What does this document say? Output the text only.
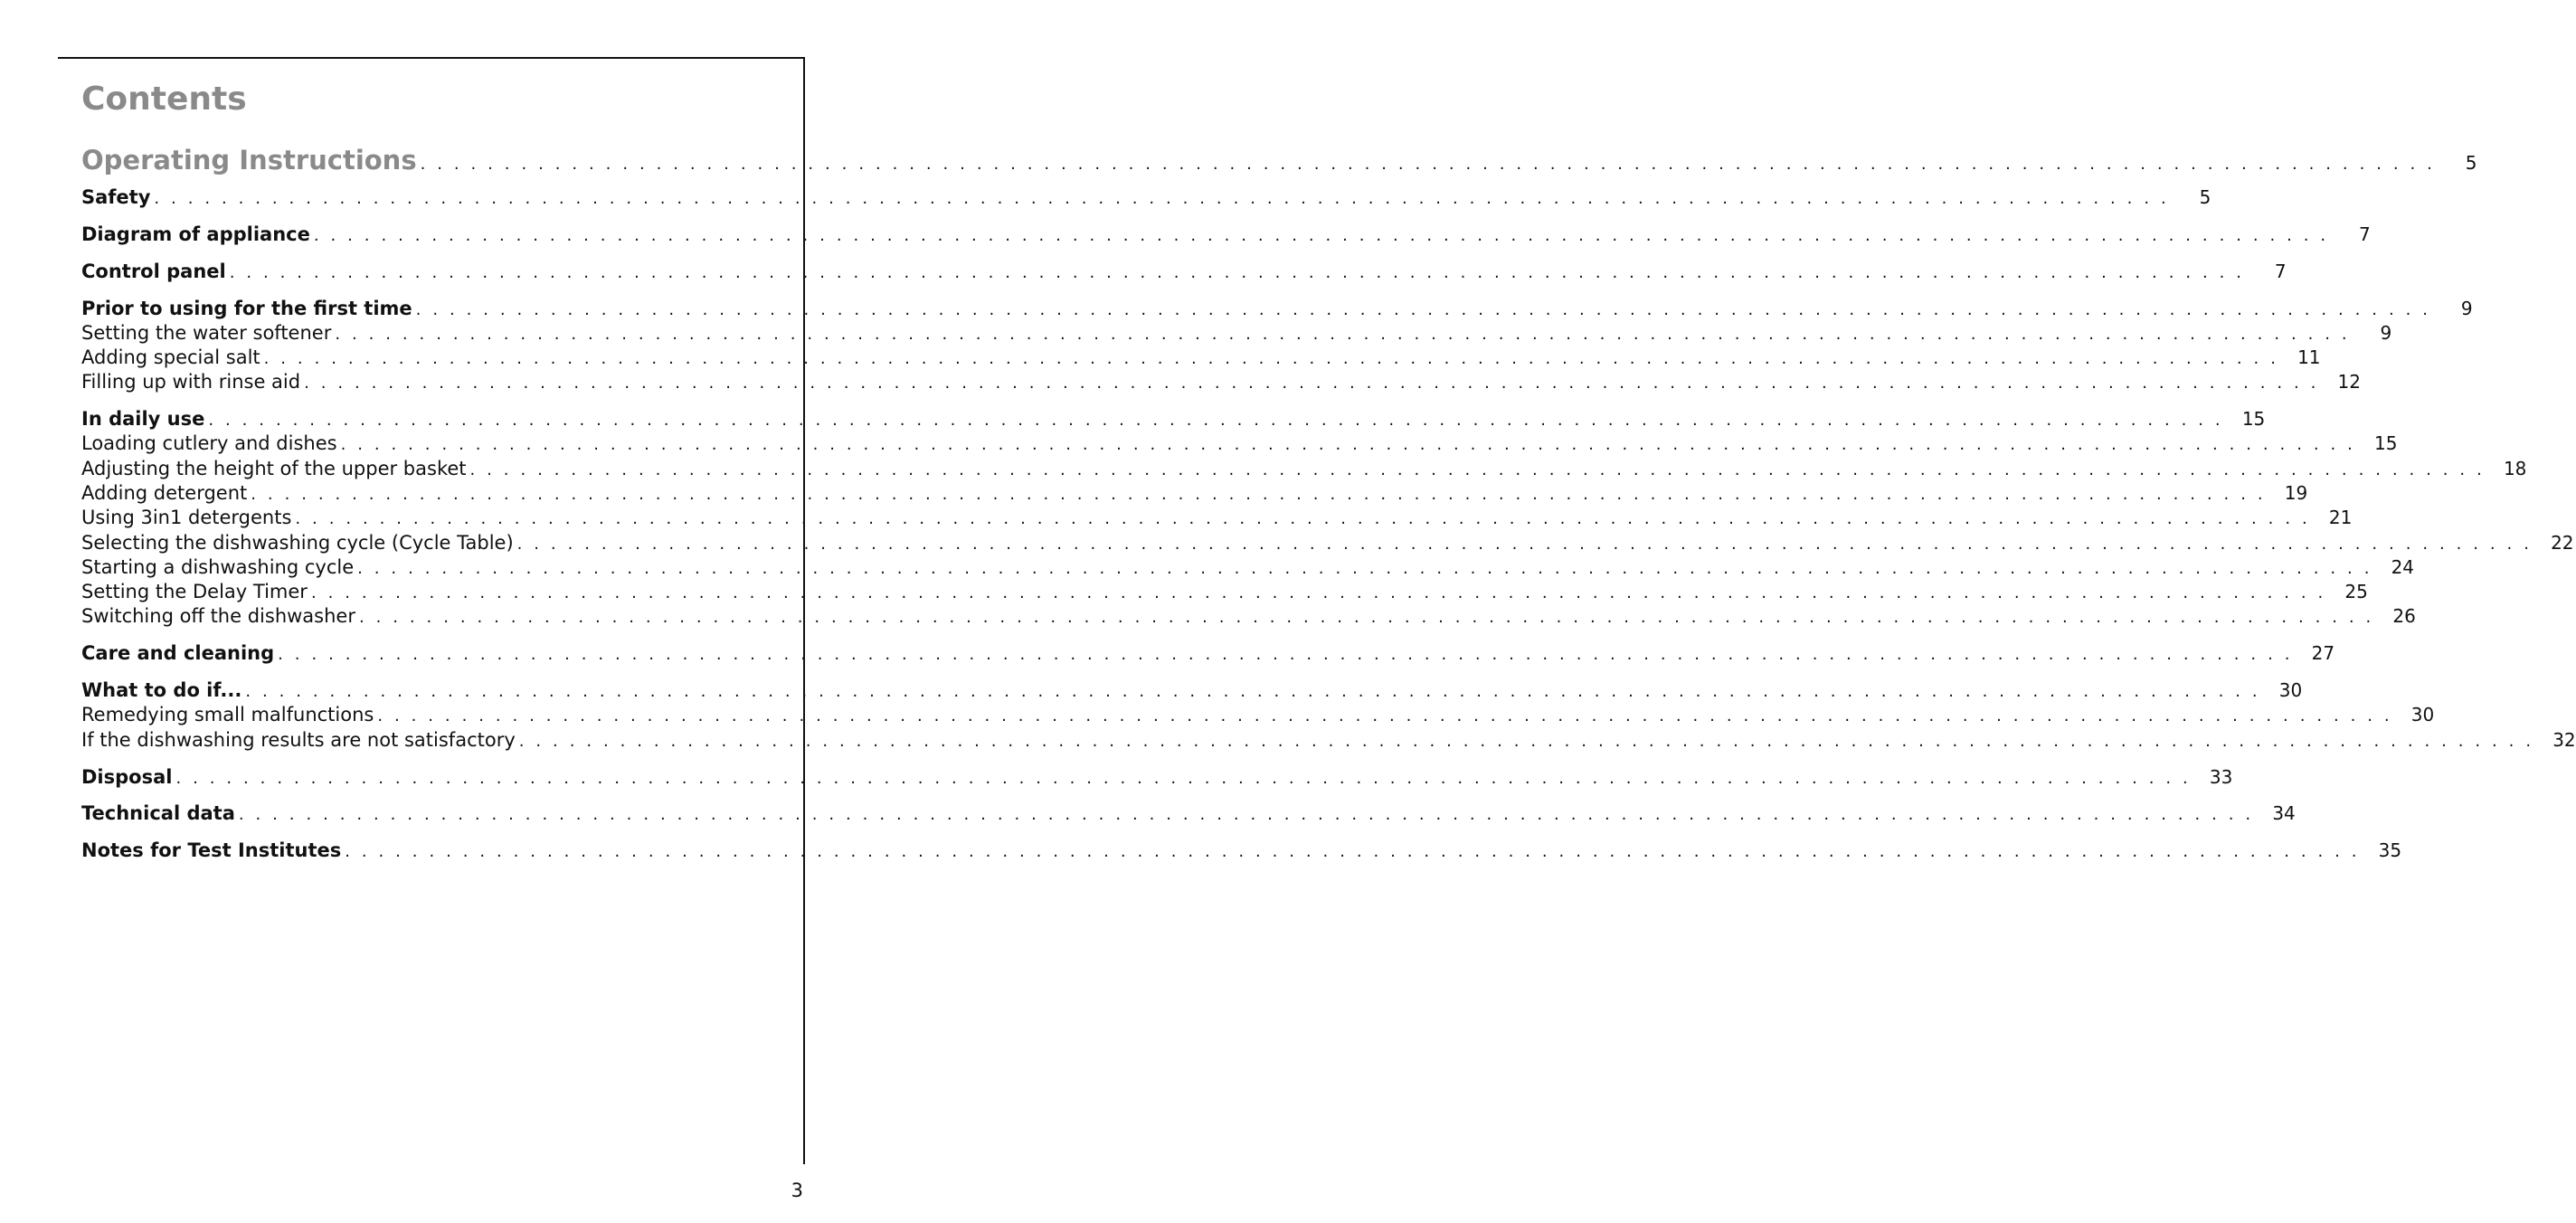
Contents
Operating Instructions . . . . . . . . . . . . . . . . . . . . . . . . . . . . . . . . . . . . . . . . . . . . . . . . . . . . . . . . . . . . . . . . . . . . . . . . . . . . . . . . . . . . . . . . . . . . . . . . . . . . . . . . . . . . . . . . . . . . . . . .	5
Safety . . . . . . . . . . . . . . . . . . . . . . . . . . . . . . . . . . . . . . . . . . . . . . . . . . . . . . . . . . . . . . . . . . . . . . . . . . . . . . . . . . . . . . . . . . . . . . . . . . . . . . . . . . . . . . . . . . . . . . . .	5
Diagram of appliance . . . . . . . . . . . . . . . . . . . . . . . . . . . . . . . . . . . . . . . . . . . . . . . . . . . . . . . . . . . . . . . . . . . . . . . . . . . . . . . . . . . . . . . . . . . . . . . . . . . . . . . . . . . . . . . . . . . . . . . .	7
Control panel . . . . . . . . . . . . . . . . . . . . . . . . . . . . . . . . . . . . . . . . . . . . . . . . . . . . . . . . . . . . . . . . . . . . . . . . . . . . . . . . . . . . . . . . . . . . . . . . . . . . . . . . . . . . . . . . . . . . . . . .	7
Prior to using for the first time . . . . . . . . . . . . . . . . . . . . . . . . . . . . . . . . . . . . . . . . . . . . . . . . . . . . . . . . . . . . . . . . . . . . . . . . . . . . . . . . . . . . . . . . . . . . . . . . . . . . . . . . . . . . . . . . . . . . . . . .	9
Setting the water softener . . . . . . . . . . . . . . . . . . . . . . . . . . . . . . . . . . . . . . . . . . . . . . . . . . . . . . . . . . . . . . . . . . . . . . . . . . . . . . . . . . . . . . . . . . . . . . . . . . . . . . . . . . . . . . . . . . . . . . . .	9
Adding special salt . . . . . . . . . . . . . . . . . . . . . . . . . . . . . . . . . . . . . . . . . . . . . . . . . . . . . . . . . . . . . . . . . . . . . . . . . . . . . . . . . . . . . . . . . . . . . . . . . . . . . . . . . . . . . . . . . . . . . . . . 11
Filling up with rinse aid . . . . . . . . . . . . . . . . . . . . . . . . . . . . . . . . . . . . . . . . . . . . . . . . . . . . . . . . . . . . . . . . . . . . . . . . . . . . . . . . . . . . . . . . . . . . . . . . . . . . . . . . . . . . . . . . . . . . . . . . 12
In daily use . . . . . . . . . . . . . . . . . . . . . . . . . . . . . . . . . . . . . . . . . . . . . . . . . . . . . . . . . . . . . . . . . . . . . . . . . . . . . . . . . . . . . . . . . . . . . . . . . . . . . . . . . . . . . . . . . . . . . . . . 15
Loading cutlery and dishes . . . . . . . . . . . . . . . . . . . . . . . . . . . . . . . . . . . . . . . . . . . . . . . . . . . . . . . . . . . . . . . . . . . . . . . . . . . . . . . . . . . . . . . . . . . . . . . . . . . . . . . . . . . . . . . . . . . . . . . . 15
Adjusting the height of the upper basket . . . . . . . . . . . . . . . . . . . . . . . . . . . . . . . . . . . . . . . . . . . . . . . . . . . . . . . . . . . . . . . . . . . . . . . . . . . . . . . . . . . . . . . . . . . . . . . . . . . . . . . . . . . . . . . . . . . . . . . . 18
Adding detergent . . . . . . . . . . . . . . . . . . . . . . . . . . . . . . . . . . . . . . . . . . . . . . . . . . . . . . . . . . . . . . . . . . . . . . . . . . . . . . . . . . . . . . . . . . . . . . . . . . . . . . . . . . . . . . . . . . . . . . . . 19
Using 3in1 detergents . . . . . . . . . . . . . . . . . . . . . . . . . . . . . . . . . . . . . . . . . . . . . . . . . . . . . . . . . . . . . . . . . . . . . . . . . . . . . . . . . . . . . . . . . . . . . . . . . . . . . . . . . . . . . . . . . . . . . . . . 21
Selecting the dishwashing cycle (Cycle Table) . . . . . . . . . . . . . . . . . . . . . . . . . . . . . . . . . . . . . . . . . . . . . . . . . . . . . . . . . . . . . . . . . . . . . . . . . . . . . . . . . . . . . . . . . . . . . . . . . . . . . . . . . . . . . . . . . . . . . . . . 22
Starting a dishwashing cycle . . . . . . . . . . . . . . . . . . . . . . . . . . . . . . . . . . . . . . . . . . . . . . . . . . . . . . . . . . . . . . . . . . . . . . . . . . . . . . . . . . . . . . . . . . . . . . . . . . . . . . . . . . . . . . . . . . . . . . . . 24
Setting the Delay Timer . . . . . . . . . . . . . . . . . . . . . . . . . . . . . . . . . . . . . . . . . . . . . . . . . . . . . . . . . . . . . . . . . . . . . . . . . . . . . . . . . . . . . . . . . . . . . . . . . . . . . . . . . . . . . . . . . . . . . . . . 25
Switching off the dishwasher . . . . . . . . . . . . . . . . . . . . . . . . . . . . . . . . . . . . . . . . . . . . . . . . . . . . . . . . . . . . . . . . . . . . . . . . . . . . . . . . . . . . . . . . . . . . . . . . . . . . . . . . . . . . . . . . . . . . . . . . 26
Care and cleaning . . . . . . . . . . . . . . . . . . . . . . . . . . . . . . . . . . . . . . . . . . . . . . . . . . . . . . . . . . . . . . . . . . . . . . . . . . . . . . . . . . . . . . . . . . . . . . . . . . . . . . . . . . . . . . . . . . . . . . . . 27
What to do if... . . . . . . . . . . . . . . . . . . . . . . . . . . . . . . . . . . . . . . . . . . . . . . . . . . . . . . . . . . . . . . . . . . . . . . . . . . . . . . . . . . . . . . . . . . . . . . . . . . . . . . . . . . . . . . . . . . . . . . . . 30
Remedying small malfunctions . . . . . . . . . . . . . . . . . . . . . . . . . . . . . . . . . . . . . . . . . . . . . . . . . . . . . . . . . . . . . . . . . . . . . . . . . . . . . . . . . . . . . . . . . . . . . . . . . . . . . . . . . . . . . . . . . . . . . . . . 30
If the dishwashing results are not satisfactory . . . . . . . . . . . . . . . . . . . . . . . . . . . . . . . . . . . . . . . . . . . . . . . . . . . . . . . . . . . . . . . . . . . . . . . . . . . . . . . . . . . . . . . . . . . . . . . . . . . . . . . . . . . . . . . . . . . . . . . . 32
Disposal . . . . . . . . . . . . . . . . . . . . . . . . . . . . . . . . . . . . . . . . . . . . . . . . . . . . . . . . . . . . . . . . . . . . . . . . . . . . . . . . . . . . . . . . . . . . . . . . . . . . . . . . . . . . . . . . . . . . . . . . 33
Technical data . . . . . . . . . . . . . . . . . . . . . . . . . . . . . . . . . . . . . . . . . . . . . . . . . . . . . . . . . . . . . . . . . . . . . . . . . . . . . . . . . . . . . . . . . . . . . . . . . . . . . . . . . . . . . . . . . . . . . . . . 34
Notes for Test Institutes . . . . . . . . . . . . . . . . . . . . . . . . . . . . . . . . . . . . . . . . . . . . . . . . . . . . . . . . . . . . . . . . . . . . . . . . . . . . . . . . . . . . . . . . . . . . . . . . . . . . . . . . . . . . . . . . . . . . . . . . 35
3
